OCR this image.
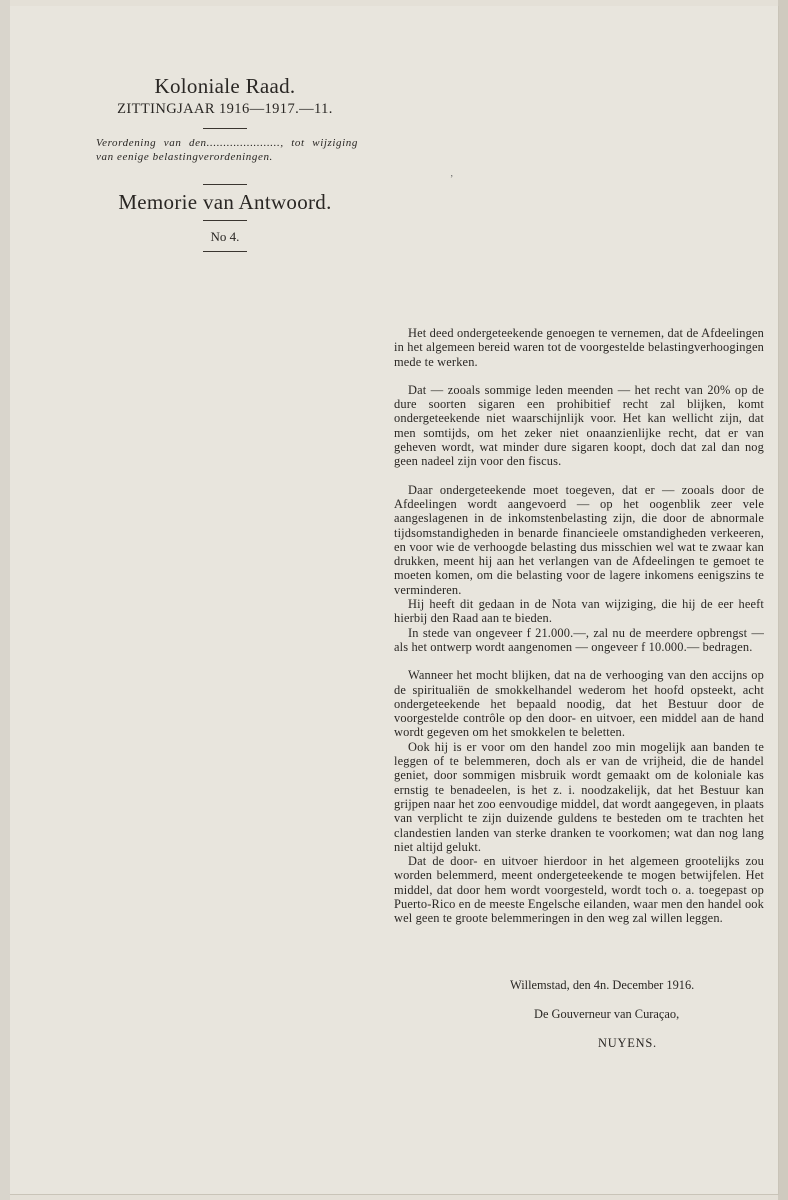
Koloniale Raad.
ZITTINGJAAR 1916—1917.—11.
Verordening van den......................, tot wijziging van eenige belastingverordeningen.
Memorie van Antwoord.
No 4.
’

Het deed ondergeteekende genoegen te vernemen, dat de Afdeelingen in het algemeen bereid waren tot de voorgestelde belastingverhoogingen mede te werken.

Dat — zooals sommige leden meenden — het recht van 20% op de dure soorten sigaren een prohibitief recht zal blijken, komt ondergeteekende niet waarschijnlijk voor. Het kan wellicht zijn, dat men somtijds, om het zeker niet onaanzienlijke recht, dat er van geheven wordt, wat minder dure sigaren koopt, doch dat zal dan nog geen nadeel zijn voor den fiscus.

Daar ondergeteekende moet toegeven, dat er — zooals door de Afdeelingen wordt aangevoerd — op het oogenblik zeer vele aangeslagenen in de inkomstenbelasting zijn, die door de abnormale tijdsomstandigheden in benarde financieele omstandigheden verkeeren, en voor wie de verhoogde belasting dus misschien wel wat te zwaar kan drukken, meent hij aan het verlangen van de Afdeelingen te gemoet te moeten komen, om die belasting voor de lagere inkomens eenigszins te verminderen.

Hij heeft dit gedaan in de Nota van wijziging, die hij de eer heeft hierbij den Raad aan te bieden.

In stede van ongeveer f 21.000.—, zal nu de meerdere opbrengst — als het ontwerp wordt aangenomen — ongeveer f 10.000.— bedragen.

Wanneer het mocht blijken, dat na de verhooging van den accijns op de spiritualiën de smokkelhandel wederom het hoofd opsteekt, acht ondergeteekende het bepaald noodig, dat het Bestuur door de voorgestelde contrôle op den door- en uitvoer, een middel aan de hand wordt gegeven om het smokkelen te beletten.

Ook hij is er voor om den handel zoo min mogelijk aan banden te leggen of te belemmeren, doch als er van de vrijheid, die de handel geniet, door sommigen misbruik wordt gemaakt om de koloniale kas ernstig te benadeelen, is het z. i. noodzakelijk, dat het Bestuur kan grijpen naar het zoo eenvoudige middel, dat wordt aangegeven, in plaats van verplicht te zijn duizende guldens te besteden om te trachten het clandestien landen van sterke dranken te voorkomen; wat dan nog lang niet altijd gelukt.

Dat de door- en uitvoer hierdoor in het algemeen grootelijks zou worden belemmerd, meent ondergeteekende te mogen betwijfelen. Het middel, dat door hem wordt voorgesteld, wordt toch o. a. toegepast op Puerto-Rico en de meeste Engelsche eilanden, waar men den handel ook wel geen te groote belemmeringen in den weg zal willen leggen.

Willemstad, den 4n. December 1916.
De Gouverneur van Curaçao,
NUYENS.
